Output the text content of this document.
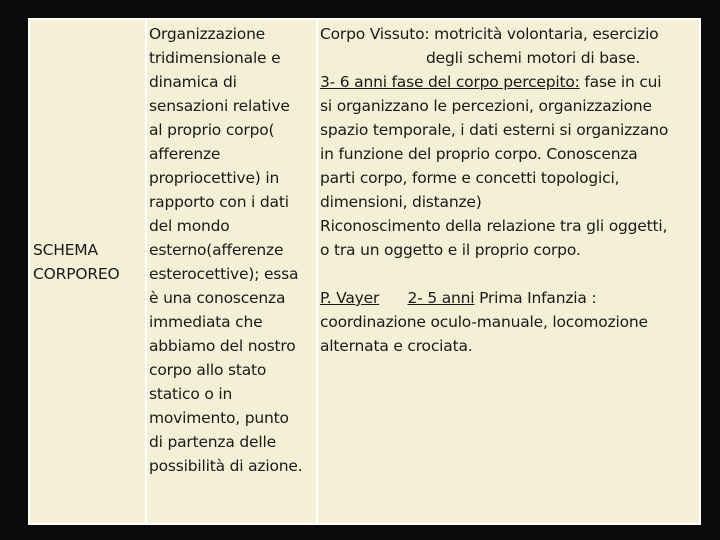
SCHEMA
CORPOREO
Organizzazione
tridimensionale e
dinamica di
sensazioni relative
al proprio corpo(
afferenze
propriocettive) in
rapporto con i dati
del mondo
esterno(afferenze
esterocettive); essa
è una conoscenza
immediata che
abbiamo del nostro
corpo allo stato
statico o in
movimento, punto
di partenza delle
possibilità di azione.
Corpo Vissuto: motricità volontaria, esercizio
degli schemi motori di base.
3- 6 anni fase del corpo percepito: fase in cui
si organizzano le percezioni, organizzazione
spazio temporale, i dati esterni si organizzano
in funzione del proprio corpo. Conoscenza
parti corpo, forme e concetti topologici,
dimensioni, distanze)
Riconoscimento della relazione tra gli oggetti,
o tra un oggetto e il proprio corpo.
P. Vayer 2- 5 anni Prima Infanzia :
coordinazione oculo-manuale, locomozione
alternata e crociata.
